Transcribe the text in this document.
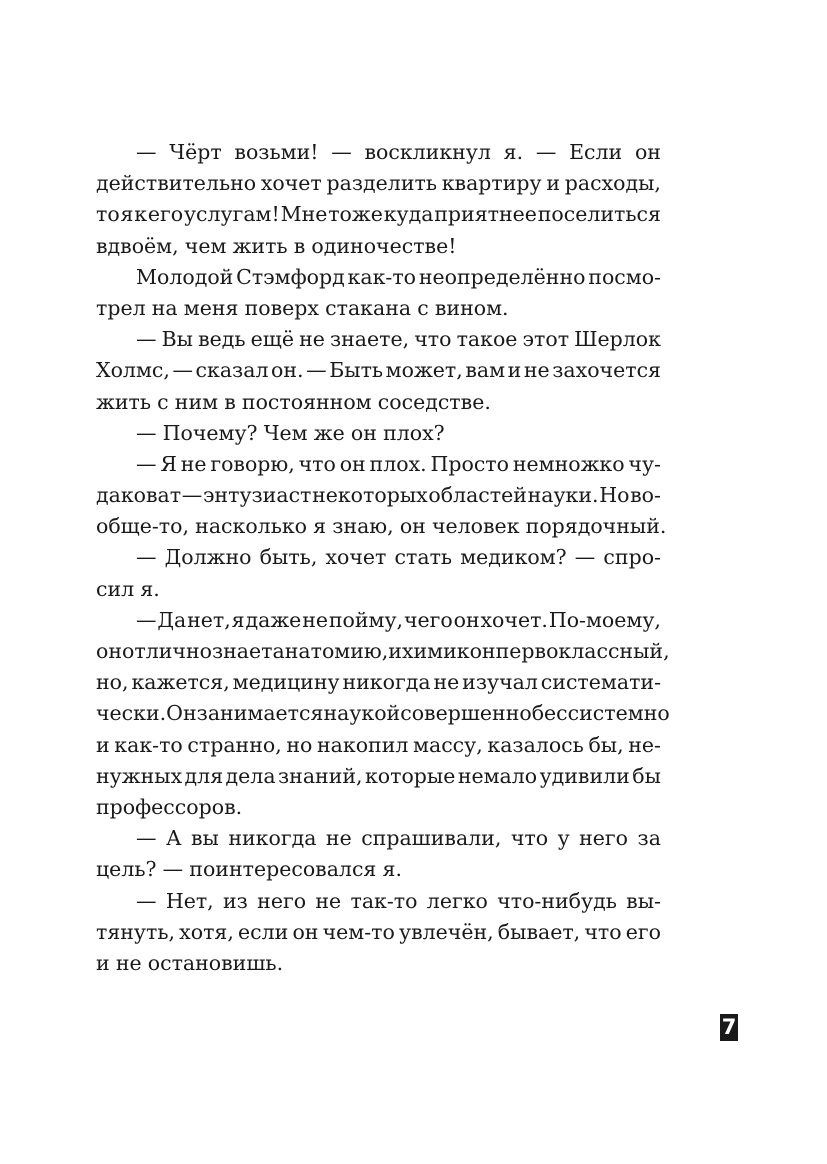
— Чёрт возьми! — воскликнул я. — Если он
действительно хочет разделить квартиру и расходы,
то я к его услугам! Мне тоже куда приятнее поселиться
вдвоём, чем жить в одиночестве!
Молодой Стэмфорд как-то неопределённо посмо-
трел на меня поверх стакана с вином.
— Вы ведь ещё не знаете, что такое этот Шерлок
Холмс, — сказал он. — Быть может, вам и не захочется
жить с ним в постоянном соседстве.
— Почему? Чем же он плох?
— Я не говорю, что он плох. Просто немножко чу-
даковат — энтузиаст некоторых областей науки. Но во-
обще-то, насколько я знаю, он человек порядочный.
— Должно быть, хочет стать медиком? — спро-
сил я.
— Да нет, я даже не пойму, чего он хочет. По-моему,
он отлично знает анатомию, и химик он первоклассный,
но, кажется, медицину никогда не изучал системати-
чески. Он занимается наукой совершенно бессистемно
и как-то странно, но накопил массу, казалось бы, не-
нужных для дела знаний, которые немало удивили бы
профессоров.
— А вы никогда не спрашивали, что у него за
цель? — поинтересовался я.
— Нет, из него не так-то легко что-нибудь вы-
тянуть, хотя, если он чем-то увлечён, бывает, что его
и не остановишь.
7
